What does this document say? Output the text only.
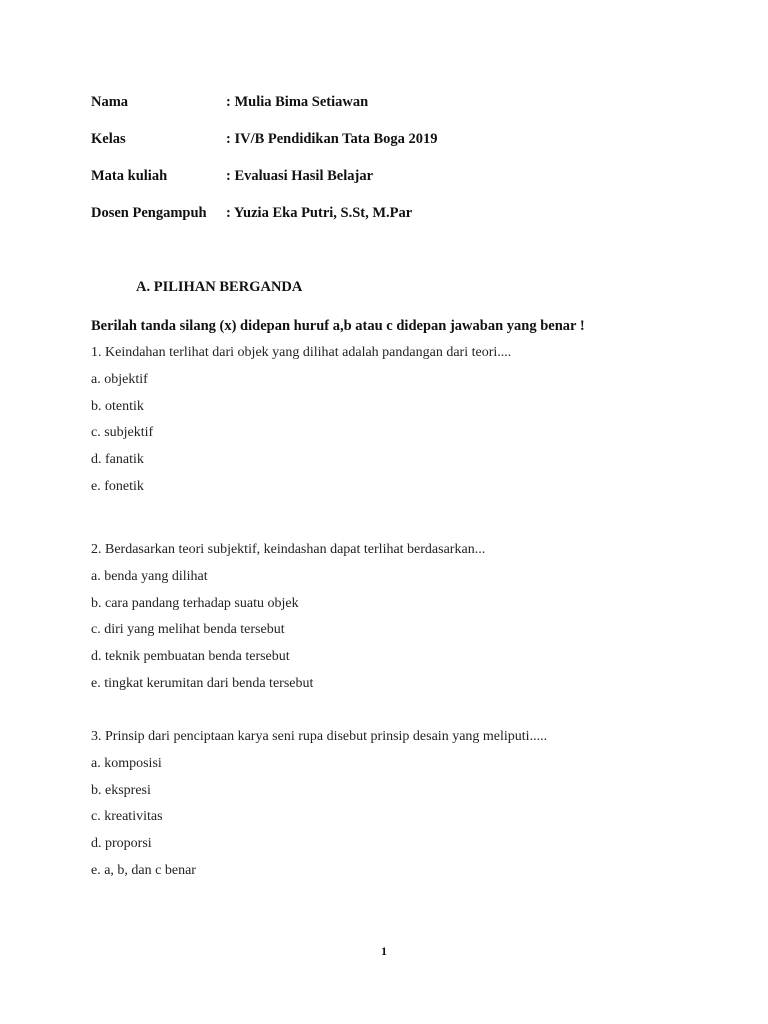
Nama	: Mulia Bima Setiawan
Kelas	: IV/B Pendidikan Tata Boga 2019
Mata kuliah	: Evaluasi Hasil Belajar
Dosen Pengampuh : Yuzia Eka Putri, S.St, M.Par
A. PILIHAN BERGANDA
Berilah tanda silang (x) didepan huruf a,b atau c didepan jawaban yang benar !
1. Keindahan terlihat dari objek yang dilihat adalah pandangan dari teori....
a. objektif
b. otentik
c. subjektif
d. fanatik
e. fonetik
2. Berdasarkan teori subjektif, keindashan dapat terlihat berdasarkan...
a. benda yang dilihat
b. cara pandang terhadap suatu objek
c. diri yang melihat benda tersebut
d. teknik pembuatan benda tersebut
e. tingkat kerumitan dari benda tersebut
3. Prinsip dari penciptaan karya seni rupa disebut prinsip desain yang meliputi.....
a. komposisi
b. ekspresi
c. kreativitas
d. proporsi
e. a, b, dan c benar
1
